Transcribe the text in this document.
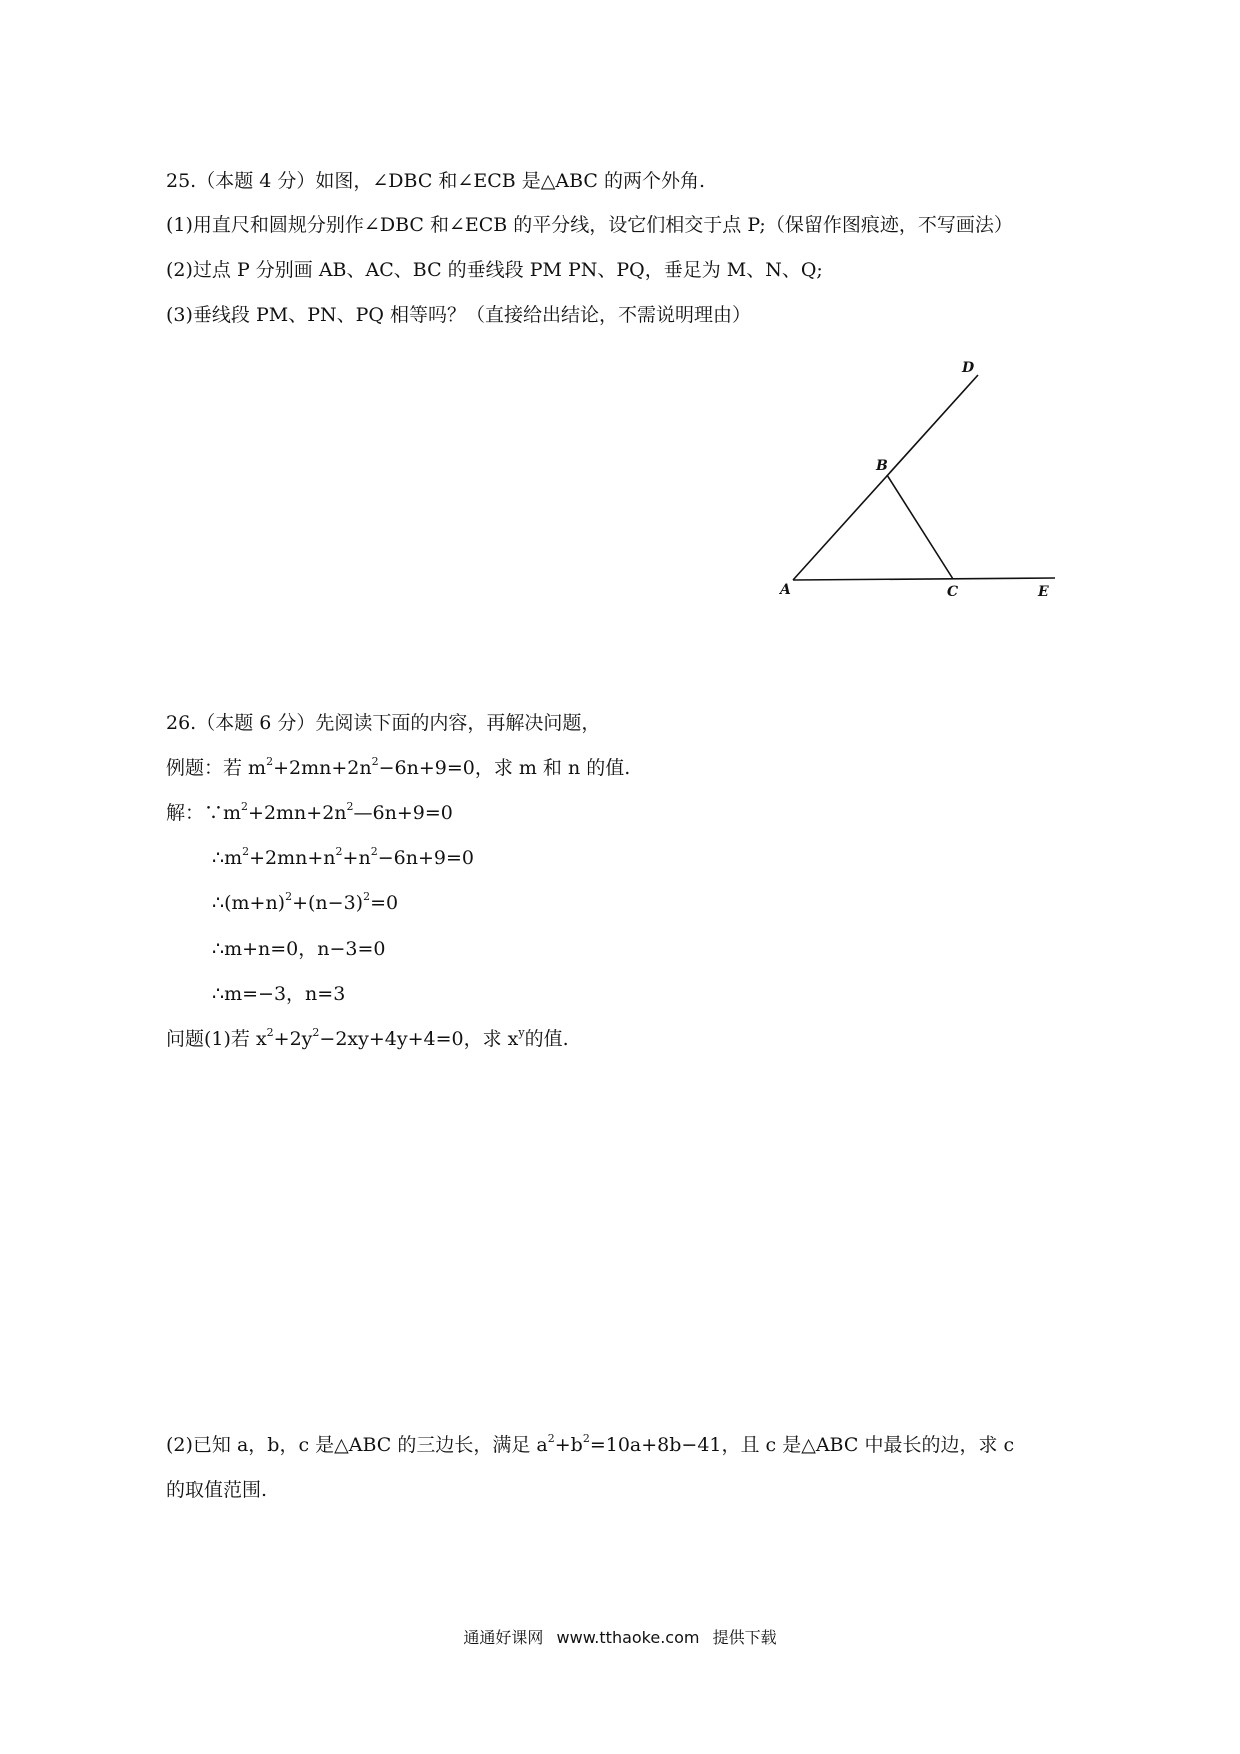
25.（本题 4 分）如图，∠DBC 和∠ECB 是△ABC 的两个外角.
(1)用直尺和圆规分别作∠DBC 和∠ECB 的平分线，设它们相交于点 P;（保留作图痕迹，不写画法）
(2)过点 P 分别画 AB、AC、BC 的垂线段 PM PN、PQ，垂足为 M、N、Q;
(3)垂线段 PM、PN、PQ 相等吗？（直接给出结论，不需说明理由）
A
B
C
D
E
26.（本题 6 分）先阅读下面的内容，再解决问题，
例题：若 $m^2+2mn+2n^2-6n+9=0$，求 m 和 n 的值.
解：$\because m^2+2mn+2n^2—6n+9=0$
$\therefore m^2+2mn+n^2+n^2-6n+9=0$
$\therefore(m+n)^2+(n-3)^2=0$
∴m+n=0，n−3=0
∴m=−3，n=3
问题(1)若 $x^2+2y^2-2xy+4y+4=0$，求 $x^y$的值.
(2)已知 a，b，c 是△ABC 的三边长，满足 $a^2+b^2=10a+8b-41$，且 c 是△ABC 中最长的边，求 c
的取值范围.
通通好课网 www.tthaoke.com 提供下载
